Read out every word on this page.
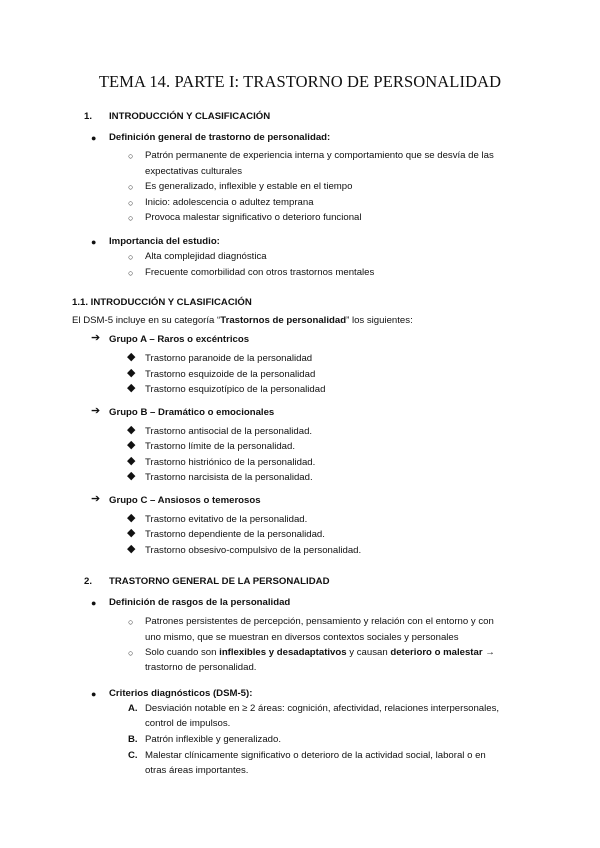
TEMA 14. PARTE I: TRASTORNO DE PERSONALIDAD
1. INTRODUCCIÓN Y CLASIFICACIÓN
● Definición general de trastorno de personalidad:
○ Patrón permanente de experiencia interna y comportamiento que se desvía de las
expectativas culturales
○ Es generalizado, inflexible y estable en el tiempo
○ Inicio: adolescencia o adultez temprana
○ Provoca malestar significativo o deterioro funcional
● Importancia del estudio:
○ Alta complejidad diagnóstica
○ Frecuente comorbilidad con otros trastornos mentales
1.1. INTRODUCCIÓN Y CLASIFICACIÓN
El DSM-5 incluye en su categoría “Trastornos de personalidad” los siguientes:
➔ Grupo A – Raros o excéntricos
◆ Trastorno paranoide de la personalidad
◆ Trastorno esquizoide de la personalidad
◆ Trastorno esquizotípico de la personalidad
➔ Grupo B – Dramático o emocionales
◆ Trastorno antisocial de la personalidad.
◆ Trastorno límite de la personalidad.
◆ Trastorno histriónico de la personalidad.
◆ Trastorno narcisista de la personalidad.
➔ Grupo C – Ansiosos o temerosos
◆ Trastorno evitativo de la personalidad.
◆ Trastorno dependiente de la personalidad.
◆ Trastorno obsesivo-compulsivo de la personalidad.
2. TRASTORNO GENERAL DE LA PERSONALIDAD
● Definición de rasgos de la personalidad
○ Patrones persistentes de percepción, pensamiento y relación con el entorno y con
uno mismo, que se muestran en diversos contextos sociales y personales
○ Solo cuando son inflexibles y desadaptativos y causan deterioro o malestar →
trastorno de personalidad.
● Criterios diagnósticos (DSM-5):
A. Desviación notable en ≥ 2 áreas: cognición, afectividad, relaciones interpersonales,
control de impulsos.
B. Patrón inflexible y generalizado.
C. Malestar clínicamente significativo o deterioro de la actividad social, laboral o en
otras áreas importantes.
